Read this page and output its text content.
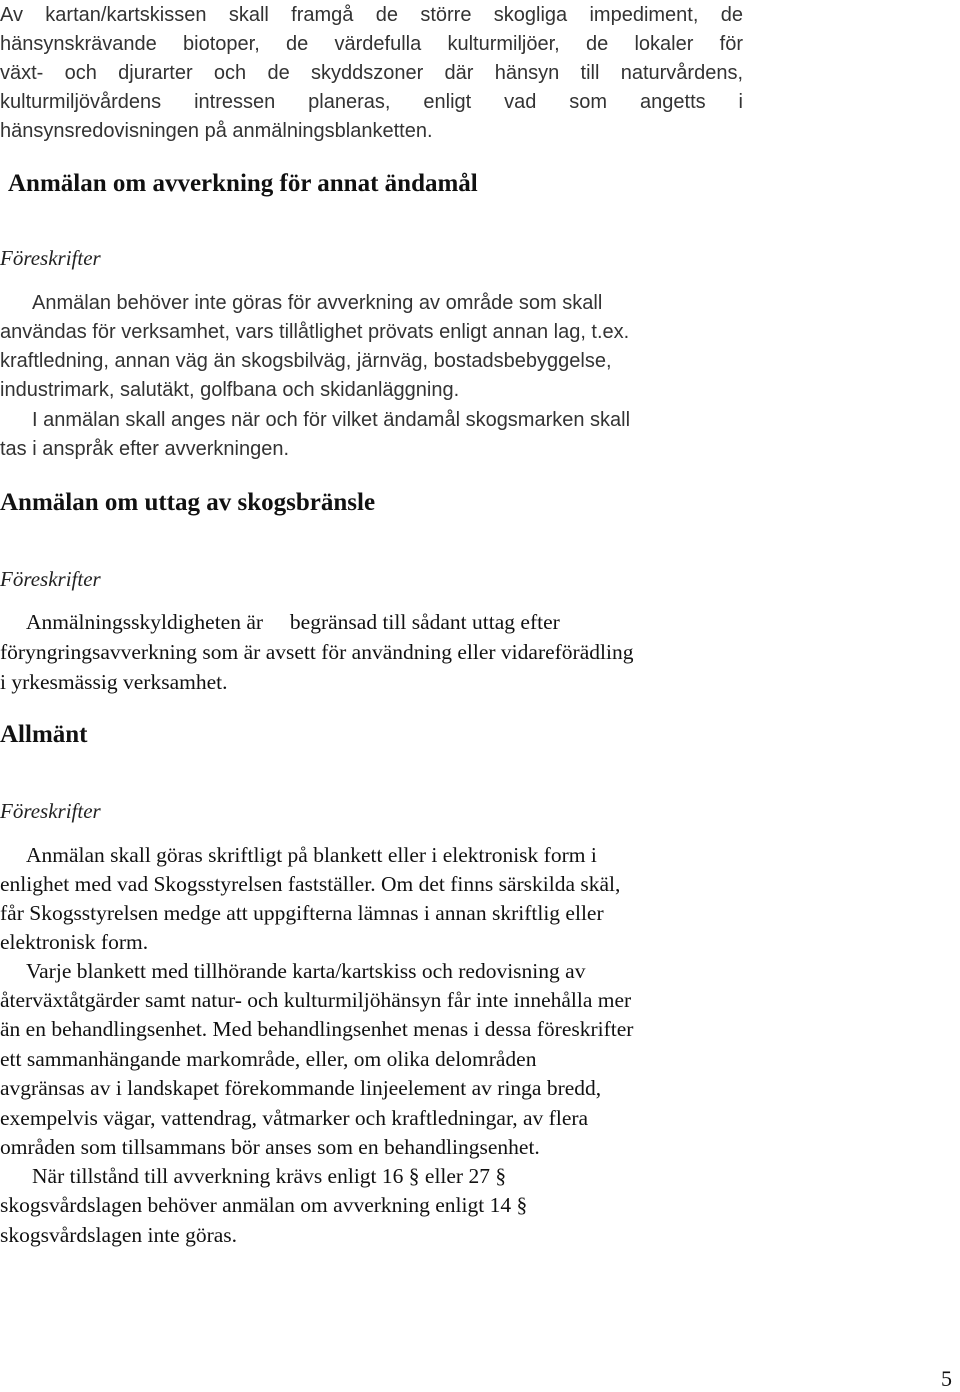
Av kartan/kartskissen skall framgå de större skogliga impediment, de
hänsynskrävande biotoper, de värdefulla kulturmiljöer, de lokaler för
växt- och djurarter och de skyddszoner där hänsyn till naturvårdens,
kulturmiljövårdens intressen planeras, enligt vad som angetts i
hänsynsredovisningen på anmälningsblanketten.
Anmälan om avverkning för annat ändamål
Föreskrifter
Anmälan behöver inte göras för avverkning av område som skall
användas för verksamhet, vars tillåtlighet prövats enligt annan lag, t.ex.
kraftledning, annan väg än skogsbilväg, järnväg, bostadsbebyggelse,
industrimark, salutäkt, golfbana och skidanläggning.
I anmälan skall anges när och för vilket ändamål skogsmarken skall
tas i anspråk efter avverkningen.
Anmälan om uttag av skogsbränsle
Föreskrifter
Anmälningsskyldigheten är     begränsad till sådant uttag efter
föryngringsavverkning som är avsett för användning eller vidareförädling
i yrkesmässig verksamhet.
Allmänt
Föreskrifter
Anmälan skall göras skriftligt på blankett eller i elektronisk form i
enlighet med vad Skogsstyrelsen fastställer. Om det finns särskilda skäl,
får Skogsstyrelsen medge att uppgifterna lämnas i annan skriftlig eller
elektronisk form.
Varje blankett med tillhörande karta/kartskiss och redovisning av
återväxtåtgärder samt natur- och kulturmiljöhänsyn får inte innehålla mer
än en behandlingsenhet. Med behandlingsenhet menas i dessa föreskrifter
ett sammanhängande markområde, eller, om olika delområden
avgränsas av i landskapet förekommande linjeelement av ringa bredd,
exempelvis vägar, vattendrag, våtmarker och kraftledningar, av flera
områden som tillsammans bör anses som en behandlingsenhet.
När tillstånd till avverkning krävs enligt 16 § eller 27 §
skogsvårdslagen behöver anmälan om avverkning enligt 14 §
skogsvårdslagen inte göras.
5
